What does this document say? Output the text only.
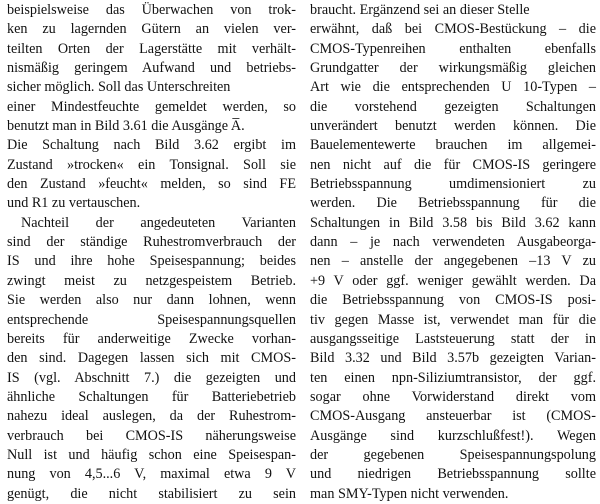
beispielsweise das Überwachen von trok-
ken zu lagernden Gütern an vielen ver-
teilten Orten der Lagerstätte mit verhält-
nismäßig geringem Aufwand und betriebs-
sicher möglich. Soll das Unterschreiten
einer Mindestfeuchte gemeldet werden, so
benutzt man in Bild 3.61 die Ausgänge A̅.
Die Schaltung nach Bild 3.62 ergibt im
Zustand »trocken« ein Tonsignal. Soll sie
den Zustand »feucht« melden, so sind FE
und R1 zu vertauschen.
Nachteil der angedeuteten Varianten
sind der ständige Ruhestromverbrauch der
IS und ihre hohe Speisespannung; beides
zwingt meist zu netzgespeistem Betrieb.
Sie werden also nur dann lohnen, wenn
entsprechende Speisespannungsquellen
bereits für anderweitige Zwecke vorhan-
den sind. Dagegen lassen sich mit CMOS-
IS (vgl. Abschnitt 7.) die gezeigten und
ähnliche Schaltungen für Batteriebetrieb
nahezu ideal auslegen, da der Ruhestrom-
verbrauch bei CMOS-IS näherungsweise
Null ist und häufig schon eine Speisespan-
nung von 4,5...6 V, maximal etwa 9 V
genügt, die nicht stabilisiert zu sein
braucht. Ergänzend sei an dieser Stelle
erwähnt, daß bei CMOS-Bestückung – die
CMOS-Typenreihen enthalten ebenfalls
Grundgatter der wirkungsmäßig gleichen
Art wie die entsprechenden U 10-Typen –
die vorstehend gezeigten Schaltungen
unverändert benutzt werden können. Die
Bauelementewerte brauchen im allgemei-
nen nicht auf die für CMOS-IS geringere
Betriebsspannung umdimensioniert zu
werden. Die Betriebsspannung für die
Schaltungen in Bild 3.58 bis Bild 3.62 kann
dann – je nach verwendeten Ausgabeorga-
nen – anstelle der angegebenen –13 V zu
+9 V oder ggf. weniger gewählt werden. Da
die Betriebsspannung von CMOS-IS posi-
tiv gegen Masse ist, verwendet man für die
ausgangsseitige Laststeuerung statt der in
Bild 3.32 und Bild 3.57b gezeigten Varian-
ten einen npn-Siliziumtransistor, der ggf.
sogar ohne Vorwiderstand direkt vom
CMOS-Ausgang ansteuerbar ist (CMOS-
Ausgänge sind kurzschlußfest!). Wegen
der gegebenen Speisespannungspolung
und niedrigen Betriebsspannung sollte
man SMY-Typen nicht verwenden.
